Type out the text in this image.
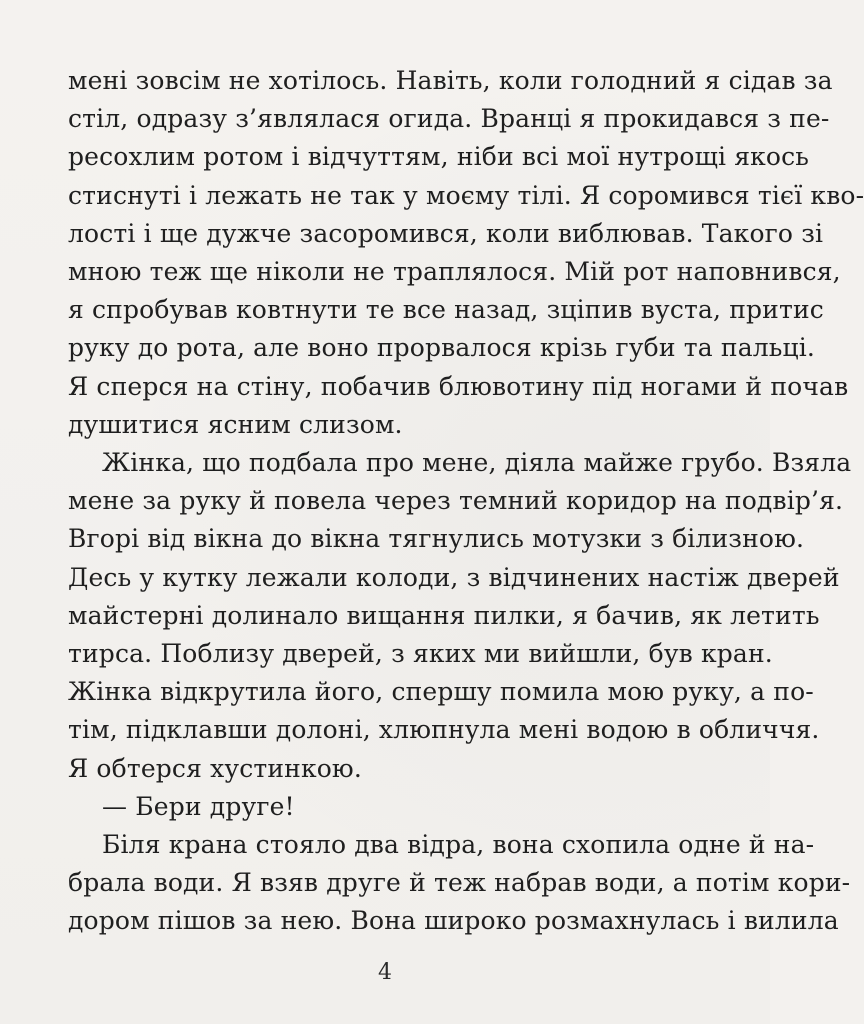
мені зовсім не хотілось. Навіть, коли голодний я сідав за
стіл, одразу з’являлася огида. Вранці я прокидався з пе-
ресохлим ротом і відчуттям, ніби всі мої нутрощі якось
стиснуті і лежать не так у моєму тілі. Я соромився тієї кво-
лості і ще дужче засоромився, коли виблював. Такого зі
мною теж ще ніколи не траплялося. Мій рот наповнився,
я спробував ковтнути те все назад, зціпив вуста, притис
руку до рота, але воно прорвалося крізь губи та пальці.
Я сперся на стіну, побачив блювотину під ногами й почав
душитися ясним слизом.
Жінка, що подбала про мене, діяла майже грубо. Взяла
мене за руку й повела через темний коридор на подвір’я.
Вгорі від вікна до вікна тягнулись мотузки з білизною.
Десь у кутку лежали колоди, з відчинених настіж дверей
майстерні долинало вищання пилки, я бачив, як летить
тирса. Поблизу дверей, з яких ми вийшли, був кран.
Жінка відкрутила його, спершу помила мою руку, а по-
тім, підклавши долоні, хлюпнула мені водою в обличчя.
Я обтерся хустинкою.
— Бери друге!
Біля крана стояло два відра, вона схопила одне й на-
брала води. Я взяв друге й теж набрав води, а потім кори-
дором пішов за нею. Вона широко розмахнулась і вилила
4
